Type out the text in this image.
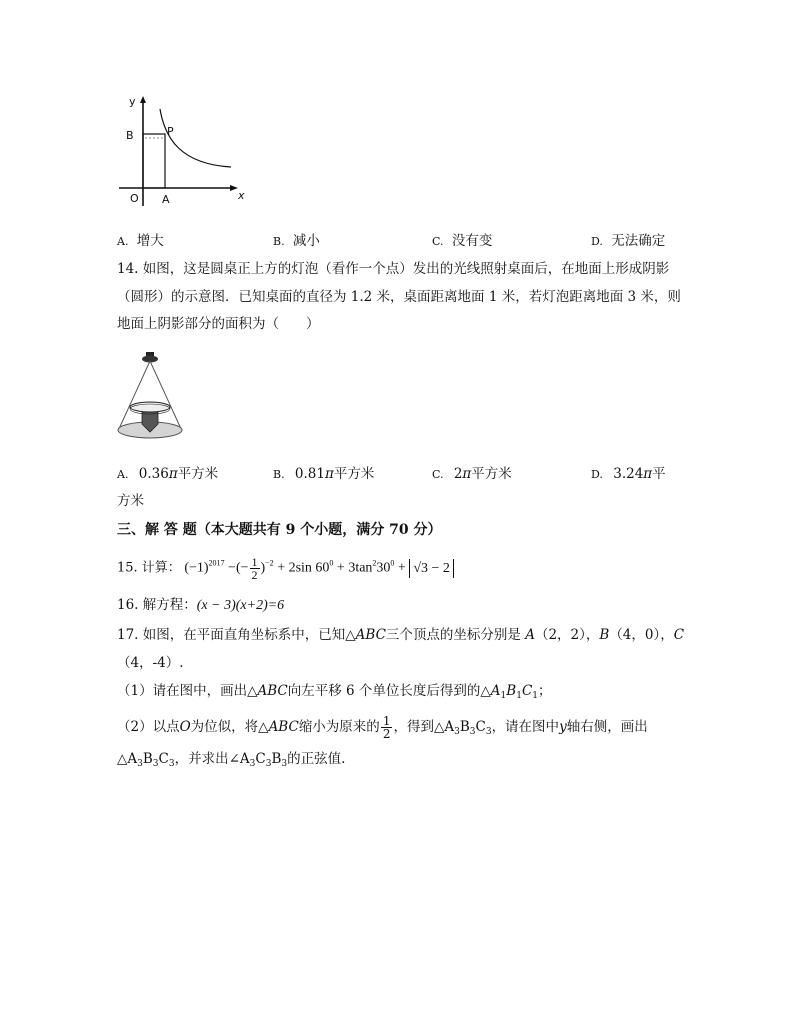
y
B	P
O A	x
A. 增大	B. 减小	C. 没有变	D. 无法确定
14. 如图，这是圆桌正上方的灯泡（看作一个点）发出的光线照射桌面后，在地面上形成阴影
（圆形）的示意图．已知桌面的直径为 1.2 米，桌面距离地面 1 米，若灯泡距离地面 3 米，则
地面上阴影部分的面积为（　　）
A. 0.36π平方米	B. 0.81π平方米	C. 2π平方米	D. 3.24π平
方米
三、解 答 题（本大题共有 9 个小题，满分 70 分）
15. 计算： $(-1)^{2017}$ −(− $\frac{1}{2} )^{-2} + 2\sin$ $60^0 + 3\tan^230^0 + √3 - 2$
16. 解方程：(x − 3)(x+2)=6
17. 如图，在平面直角坐标系中，已知△ABC三个顶点的坐标分别是 A（2，2），B（4，0），C
（4，-4）.
（1）请在图中，画出△ABC向左平移 6 个单位长度后得到的$\triangle A_1B_1C_1$；
（2）以点O为位似，将△ABC缩小为原来的 $\frac{1}{2}$ ，得到$\triangle A_3B_3C_3$，请在图中y轴右侧，画出
$\triangle A_3B_3C_3$，并求出$\angle A_3C_3B_3$的正弦值.
